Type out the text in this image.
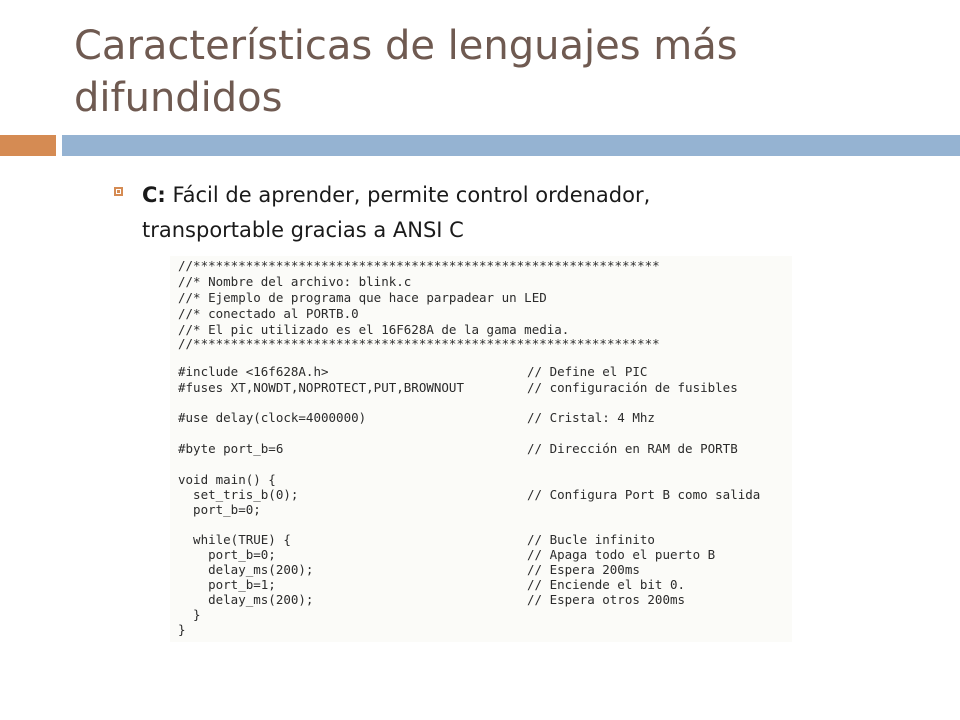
Características de lenguajes más
difundidos
C: Fácil de aprender, permite control ordenador,
transportable gracias a ANSI C
//**************************************************************
//* Nombre del archivo: blink.c
//* Ejemplo de programa que hace parpadear un LED
//* conectado al PORTB.0
//* El pic utilizado es el 16F628A de la gama media.
//**************************************************************
#include <16f628A.h>	// Define el PIC
#fuses XT,NOWDT,NOPROTECT,PUT,BROWNOUT	// configuración de fusibles
#use delay(clock=4000000)	// Cristal: 4 Mhz
#byte port_b=6	// Dirección en RAM de PORTB
void main() {
set_tris_b(0);	// Configura Port B como salida
port_b=0;
while(TRUE) {	// Bucle infinito
port_b=0;	// Apaga todo el puerto B
delay_ms(200);	// Espera 200ms
port_b=1;	// Enciende el bit 0.
delay_ms(200);	// Espera otros 200ms
}
}
